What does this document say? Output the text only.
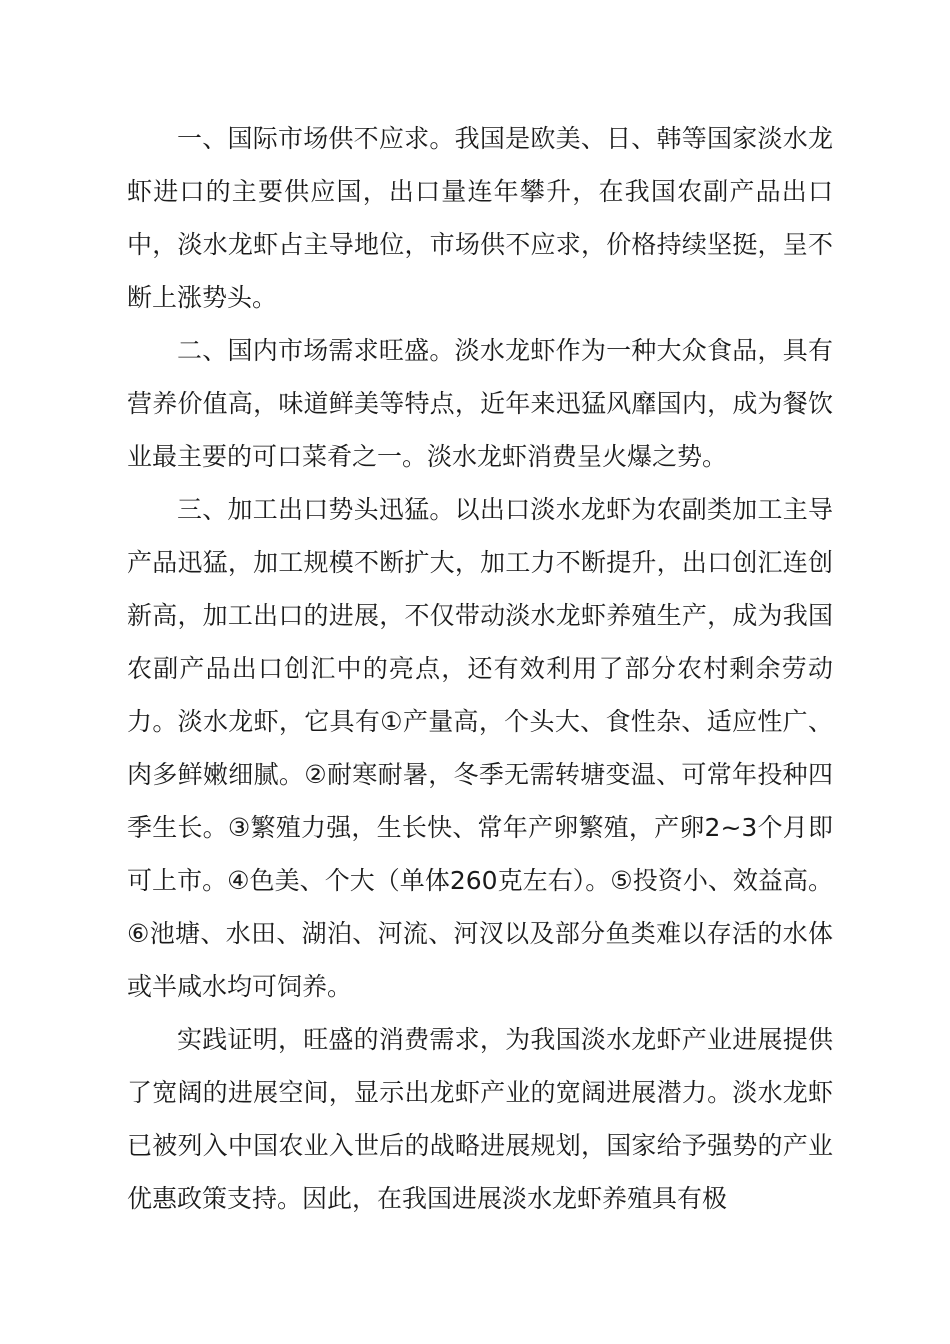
一、国际市场供不应求。我国是欧美、日、韩等国家淡水龙虾进口的主要供应国，出口量连年攀升，在我国农副产品出口中，淡水龙虾占主导地位，市场供不应求，价格持续坚挺，呈不断上涨势头。

二、国内市场需求旺盛。淡水龙虾作为一种大众食品，具有营养价值高，味道鲜美等特点，近年来迅猛风靡国内，成为餐饮业最主要的可口菜肴之一。淡水龙虾消费呈火爆之势。

三、加工出口势头迅猛。以出口淡水龙虾为农副类加工主导产品迅猛，加工规模不断扩大，加工力不断提升，出口创汇连创新高，加工出口的进展，不仅带动淡水龙虾养殖生产，成为我国农副产品出口创汇中的亮点，还有效利用了部分农村剩余劳动力。淡水龙虾，它具有①产量高，个头大、食性杂、适应性广、肉多鲜嫩细腻。②耐寒耐暑，冬季无需转塘变温、可常年投种四季生长。③繁殖力强，生长快、常年产卵繁殖，产卵2~3个月即可上市。④色美、个大（单体260克左右）。⑤投资小、效益高。⑥池塘、水田、湖泊、河流、河汊以及部分鱼类难以存活的水体或半咸水均可饲养。

实践证明，旺盛的消费需求，为我国淡水龙虾产业进展提供了宽阔的进展空间，显示出龙虾产业的宽阔进展潜力。淡水龙虾已被列入中国农业入世后的战略进展规划，国家给予强势的产业优惠政策支持。因此，在我国进展淡水龙虾养殖具有极
